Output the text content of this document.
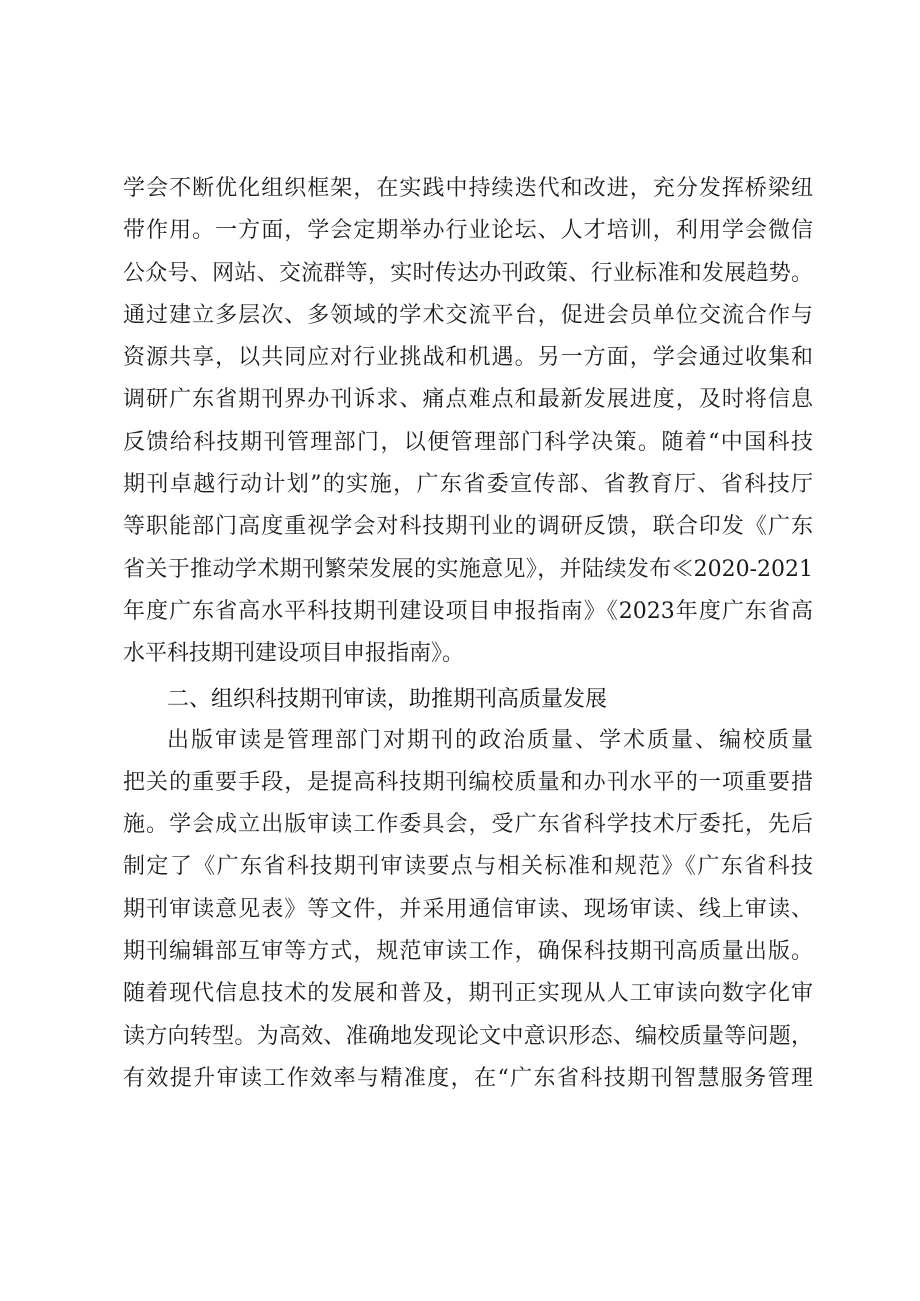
学会不断优化组织框架，在实践中持续迭代和改进，充分发挥桥梁纽
带作用。一方面，学会定期举办行业论坛、人才培训，利用学会微信
公众号、网站、交流群等，实时传达办刊政策、行业标准和发展趋势。
通过建立多层次、多领域的学术交流平台，促进会员单位交流合作与
资源共享，以共同应对行业挑战和机遇。另一方面，学会通过收集和
调研广东省期刊界办刊诉求、痛点难点和最新发展进度，及时将信息
反馈给科技期刊管理部门，以便管理部门科学决策。随着“中国科技
期刊卓越行动计划”的实施，广东省委宣传部、省教育厅、省科技厅
等职能部门高度重视学会对科技期刊业的调研反馈，联合印发《广东
省关于推动学术期刊繁荣发展的实施意见》，并陆续发布≪2020-2021
年度广东省高水平科技期刊建设项目申报指南》《2023年度广东省高
水平科技期刊建设项目申报指南》。
二、组织科技期刊审读，助推期刊高质量发展
出版审读是管理部门对期刊的政治质量、学术质量、编校质量
把关的重要手段，是提高科技期刊编校质量和办刊水平的一项重要措
施。学会成立出版审读工作委具会，受广东省科学技术厅委托，先后
制定了《广东省科技期刊审读要点与相关标准和规范》《广东省科技
期刊审读意见表》等文件，并采用通信审读、现场审读、线上审读、
期刊编辑部互审等方式，规范审读工作，确保科技期刊高质量出版。
随着现代信息技术的发展和普及，期刊正实现从人工审读向数字化审
读方向转型。为高效、准确地发现论文中意识形态、编校质量等问题，
有效提升审读工作效率与精准度，在“广东省科技期刊智慧服务管理
